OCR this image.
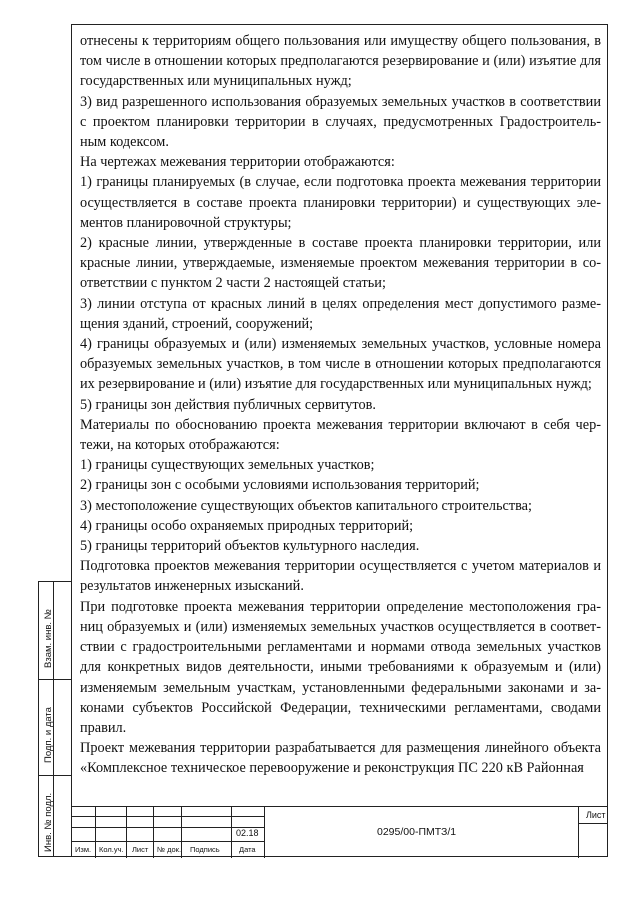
отнесены к территориям общего пользования или имуществу общего пользования, в том числе в отношении которых предполагаются резервирование и (или) изъятие для государственных или муниципальных нужд;

3) вид разрешенного использования образуемых земельных участков в соответствии с проектом планировки территории в случаях, предусмотренных Градостроитель-ным кодексом.

На чертежах межевания территории отображаются:

1) границы планируемых (в случае, если подготовка проекта межевания территории осуществляется в составе проекта планировки территории) и существующих эле-ментов планировочной структуры;

2) красные линии, утвержденные в составе проекта планировки территории, или красные линии, утверждаемые, изменяемые проектом межевания территории в со-ответствии с пунктом 2 части 2 настоящей статьи;

3) линии отступа от красных линий в целях определения мест допустимого разме-щения зданий, строений, сооружений;

4) границы образуемых и (или) изменяемых земельных участков, условные номера образуемых земельных участков, в том числе в отношении которых предполагаются их резервирование и (или) изъятие для государственных или муниципальных нужд;

5) границы зон действия публичных сервитутов.

Материалы по обоснованию проекта межевания территории включают в себя чер-тежи, на которых отображаются:

1) границы существующих земельных участков;

2) границы зон с особыми условиями использования территорий;

3) местоположение существующих объектов капитального строительства;

4) границы особо охраняемых природных территорий;

5) границы территорий объектов культурного наследия.

Подготовка проектов межевания территории осуществляется с учетом материалов и результатов инженерных изысканий.

При подготовке проекта межевания территории определение местоположения гра-ниц образуемых и (или) изменяемых земельных участков осуществляется в соответ-ствии с градостроительными регламентами и нормами отвода земельных участков для конкретных видов деятельности, иными требованиями к образуемым и (или) изменяемым земельным участкам, установленными федеральными законами и за-конами субъектов Российской Федерации, техническими регламентами, сводами правил.

Проект межевания территории разрабатывается для размещения линейного объекта «Комплексное техническое перевооружение и реконструкция ПС 220 кВ Районная

Взам. инв. №
Подп. и дата
Инв. № подл.	02.18
Изм. Кол.уч. Лист № док. Подпись	Дата
0295/00-ПМТЗ/1
Лист
